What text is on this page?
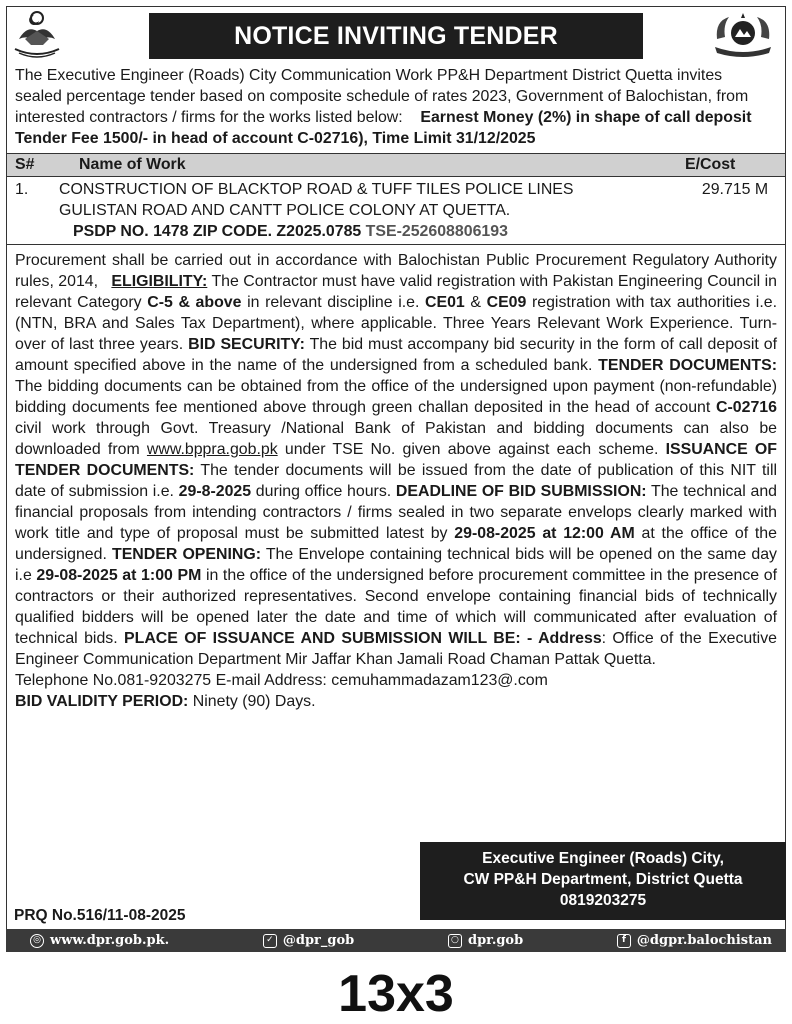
NOTICE INVITING TENDER
The Executive Engineer (Roads) City Communication Work PP&H Department District Quetta invites
sealed percentage tender based on composite schedule of rates 2023, Government of Balochistan, from
interested contractors / firms for the works listed below: Earnest Money (2%) in shape of call deposit
Tender Fee 1500/- in head of account C-02716), Time Limit 31/12/2025
S#	Name of Work	E/Cost
1.	CONSTRUCTION OF BLACKTOP ROAD & TUFF TILES POLICE LINES
GULISTAN ROAD AND CANTT POLICE COLONY AT QUETTA.
PSDP NO. 1478 ZIP CODE. Z2025.0785 TSE-252608806193	29.715 M
Procurement shall be carried out in accordance with Balochistan Public Procurement Regulatory Authority rules, 2014, ELIGIBILITY: The Contractor must have valid registration with Pakistan Engineering Council in relevant Category C-5 & above in relevant discipline i.e. CE01 & CE09 registration with tax authorities i.e. (NTN, BRA and Sales Tax Department), where applicable. Three Years Relevant Work Experience. Turn-over of last three years. BID SECURITY: The bid must accompany bid security in the form of call deposit of amount specified above in the name of the undersigned from a scheduled bank. TENDER DOCUMENTS: The bidding documents can be obtained from the office of the undersigned upon payment (non-refundable) bidding documents fee mentioned above through green challan deposited in the head of account C-02716 civil work through Govt. Treasury /National Bank of Pakistan and bidding documents can also be downloaded from www.bppra.gob.pk under TSE No. given above against each scheme. ISSUANCE OF TENDER DOCUMENTS: The tender documents will be issued from the date of publication of this NIT till date of submission i.e. 29-8-2025 during office hours. DEADLINE OF BID SUBMISSION: The technical and financial proposals from intending contractors / firms sealed in two separate envelops clearly marked with work title and type of proposal must be submitted latest by 29-08-2025 at 12:00 AM at the office of the undersigned. TENDER OPENING: The Envelope containing technical bids will be opened on the same day i.e 29-08-2025 at 1:00 PM in the office of the undersigned before procurement committee in the presence of contractors or their authorized representatives. Second envelope containing financial bids of technically qualified bidders will be opened later the date and time of which will communicated after evaluation of technical bids. PLACE OF ISSUANCE AND SUBMISSION WILL BE: - Address: Office of the Executive Engineer Communication Department Mir Jaffar Khan Jamali Road Chaman Pattak Quetta.
Telephone No.081-9203275 E-mail Address: cemuhammadazam123@.com
BID VALIDITY PERIOD: Ninety (90) Days.
Executive Engineer (Roads) City,
CW PP&H Department, District Quetta
0819203275
PRQ No.516/11-08-2025
◎ www.dpr.gob.pk.	✓ @dpr_gob	○ dpr.gob	f @dgpr.balochistan
13x3
